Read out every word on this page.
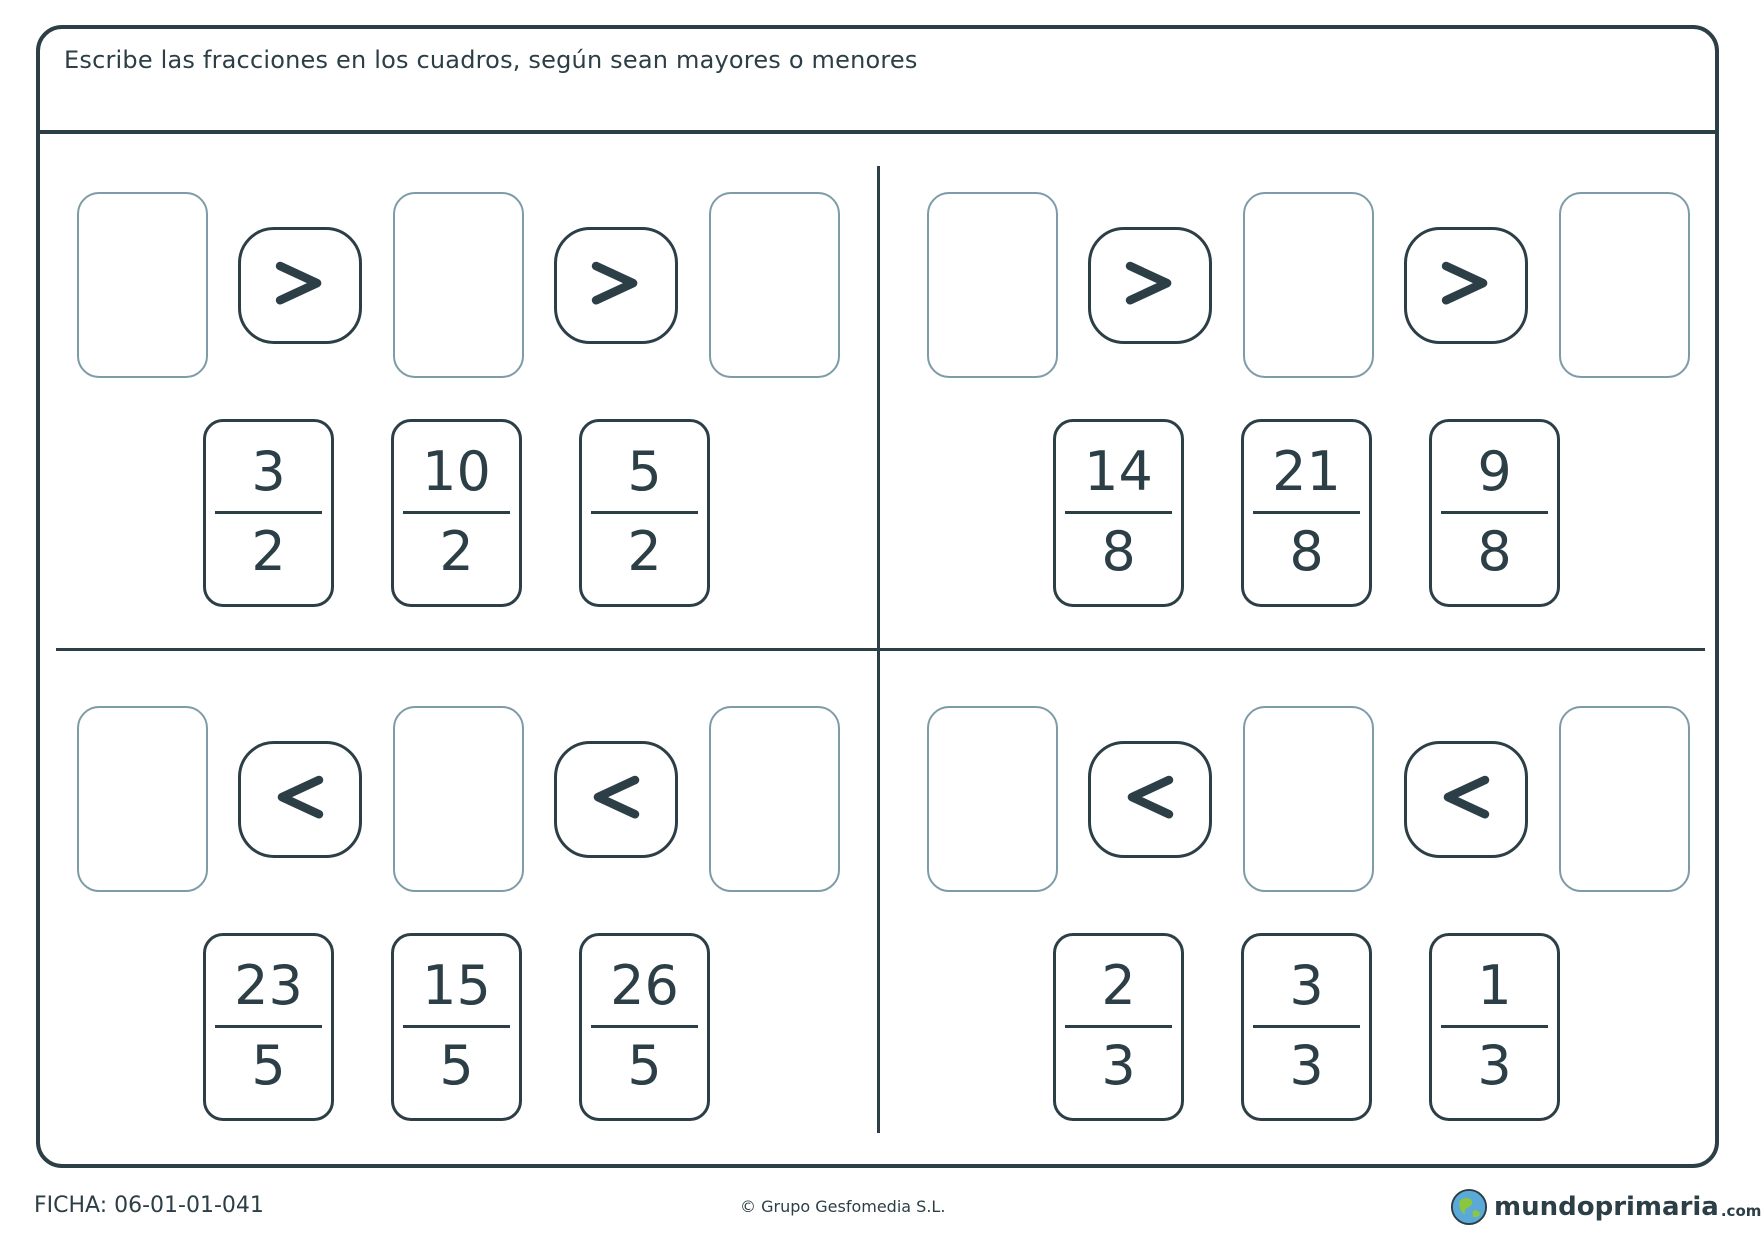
Escribe las fracciones en los cuadros, según sean mayores o menores
3
2
10
2
5
2
14
8
21
8
9
8
23
5
15
5
26
5
2
3
3
3
1
3
FICHA: 06-01-01-041	© Grupo Gesfomedia S.L.	mundoprimaria .com
